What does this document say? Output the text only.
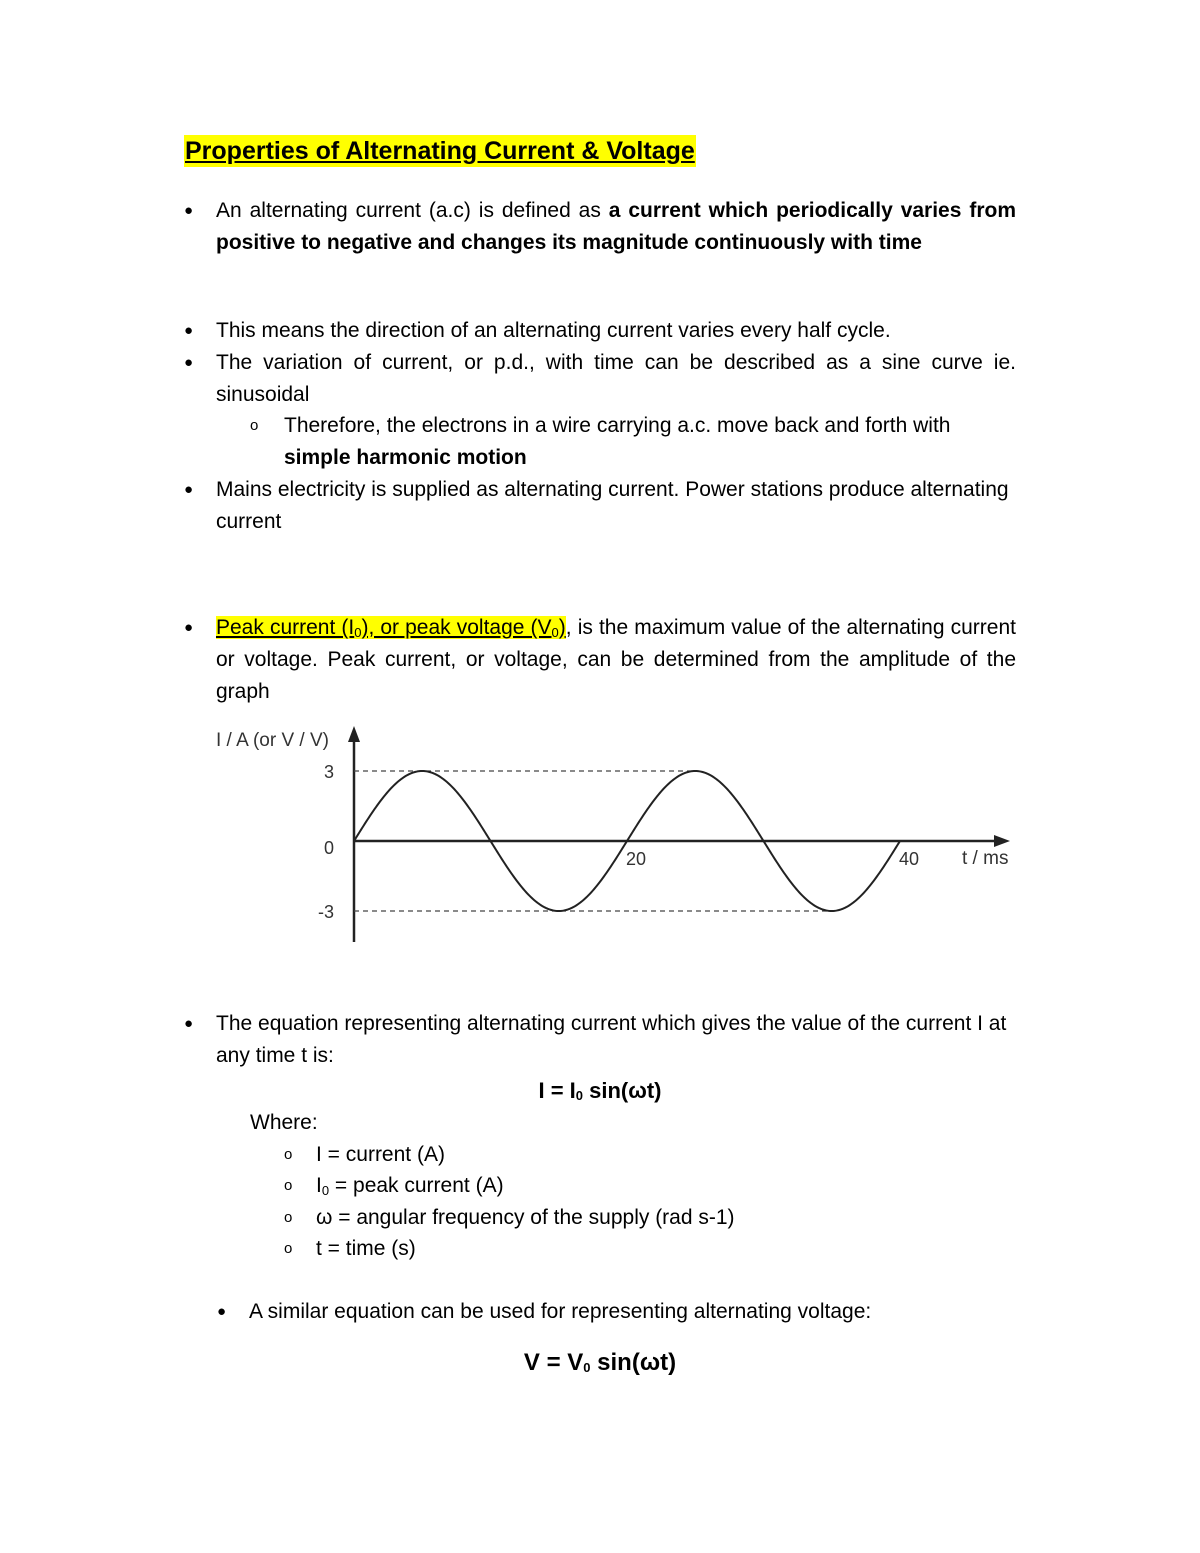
Properties of Alternating Current & Voltage
● An alternating current (a.c) is defined as a current which periodically varies from positive to negative and changes its magnitude continuously with time
● This means the direction of an alternating current varies every half cycle.
● The variation of current, or p.d., with time can be described as a sine curve ie. sinusoidal
o Therefore, the electrons in a wire carrying a.c. move back and forth with simple harmonic motion
● Mains electricity is supplied as alternating current. Power stations produce alternating current
● Peak current $(I_0)$, or peak voltage $(V_0)$, is the maximum value of the alternating current or voltage. Peak current, or voltage, can be determined from the amplitude of the graph
I / A (or V / V)
t / ms
3
0
-3
20	40
● The equation representing alternating current which gives the value of the current I at any time t is:
I = I0 sin(ωt)
Where:
o I = current (A)
o $I_0$ = peak current (A)
o ω = angular frequency of the supply (rad s-1)
o t = time (s)
● A similar equation can be used for representing alternating voltage:
V = V0 sin(ωt)
